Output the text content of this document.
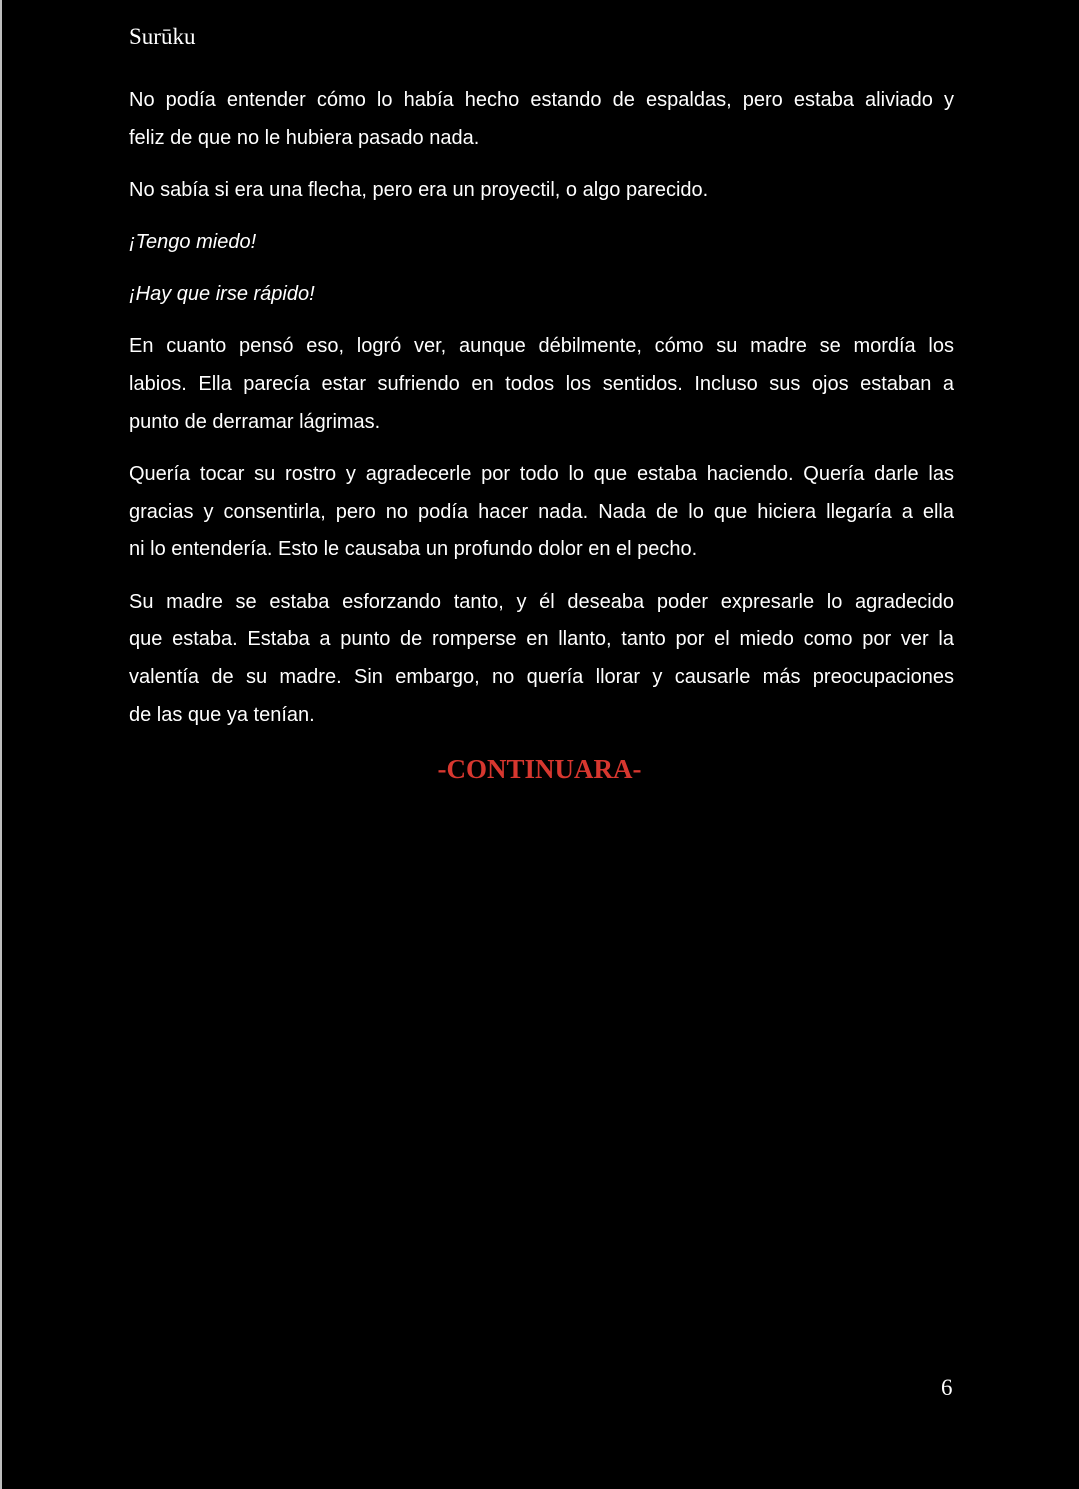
Surūku
No podía entender cómo lo había hecho estando de espaldas, pero estaba aliviado y
feliz de que no le hubiera pasado nada.
No sabía si era una flecha, pero era un proyectil, o algo parecido.
¡Tengo miedo!
¡Hay que irse rápido!
En cuanto pensó eso, logró ver, aunque débilmente, cómo su madre se mordía los
labios. Ella parecía estar sufriendo en todos los sentidos. Incluso sus ojos estaban a
punto de derramar lágrimas.
Quería tocar su rostro y agradecerle por todo lo que estaba haciendo. Quería darle las
gracias y consentirla, pero no podía hacer nada. Nada de lo que hiciera llegaría a ella
ni lo entendería. Esto le causaba un profundo dolor en el pecho.
Su madre se estaba esforzando tanto, y él deseaba poder expresarle lo agradecido
que estaba. Estaba a punto de romperse en llanto, tanto por el miedo como por ver la
valentía de su madre. Sin embargo, no quería llorar y causarle más preocupaciones
de las que ya tenían.
-CONTINUARA-
6
